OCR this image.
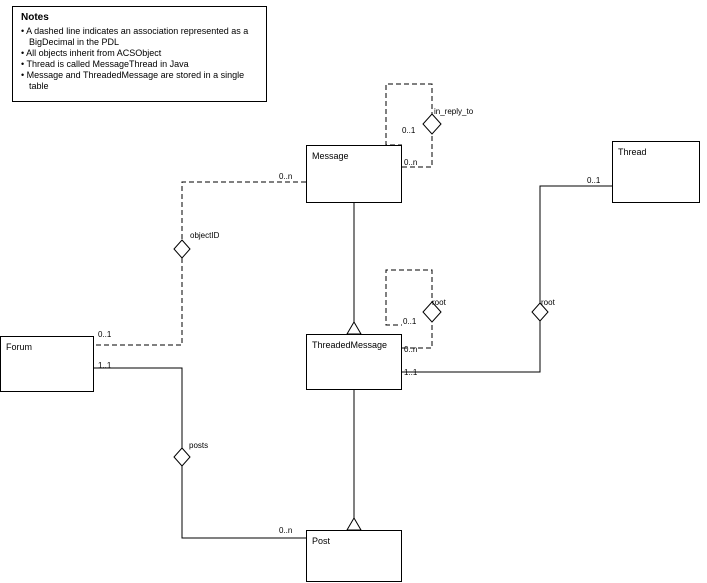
Notes
• A dashed line indicates an association represented as a BigDecimal in the PDL
• All objects inherit from ACSObject
• Thread is called MessageThread in Java
• Message and ThreadedMessage are stored in a single table
Message	Thread
Forum	ThreadedMessage
Post
in_reply_to
objectID
root	root
posts
0..1
0..n
0..n	0..1
0..1
1..1
0..1
0..n
1..1
0..n
